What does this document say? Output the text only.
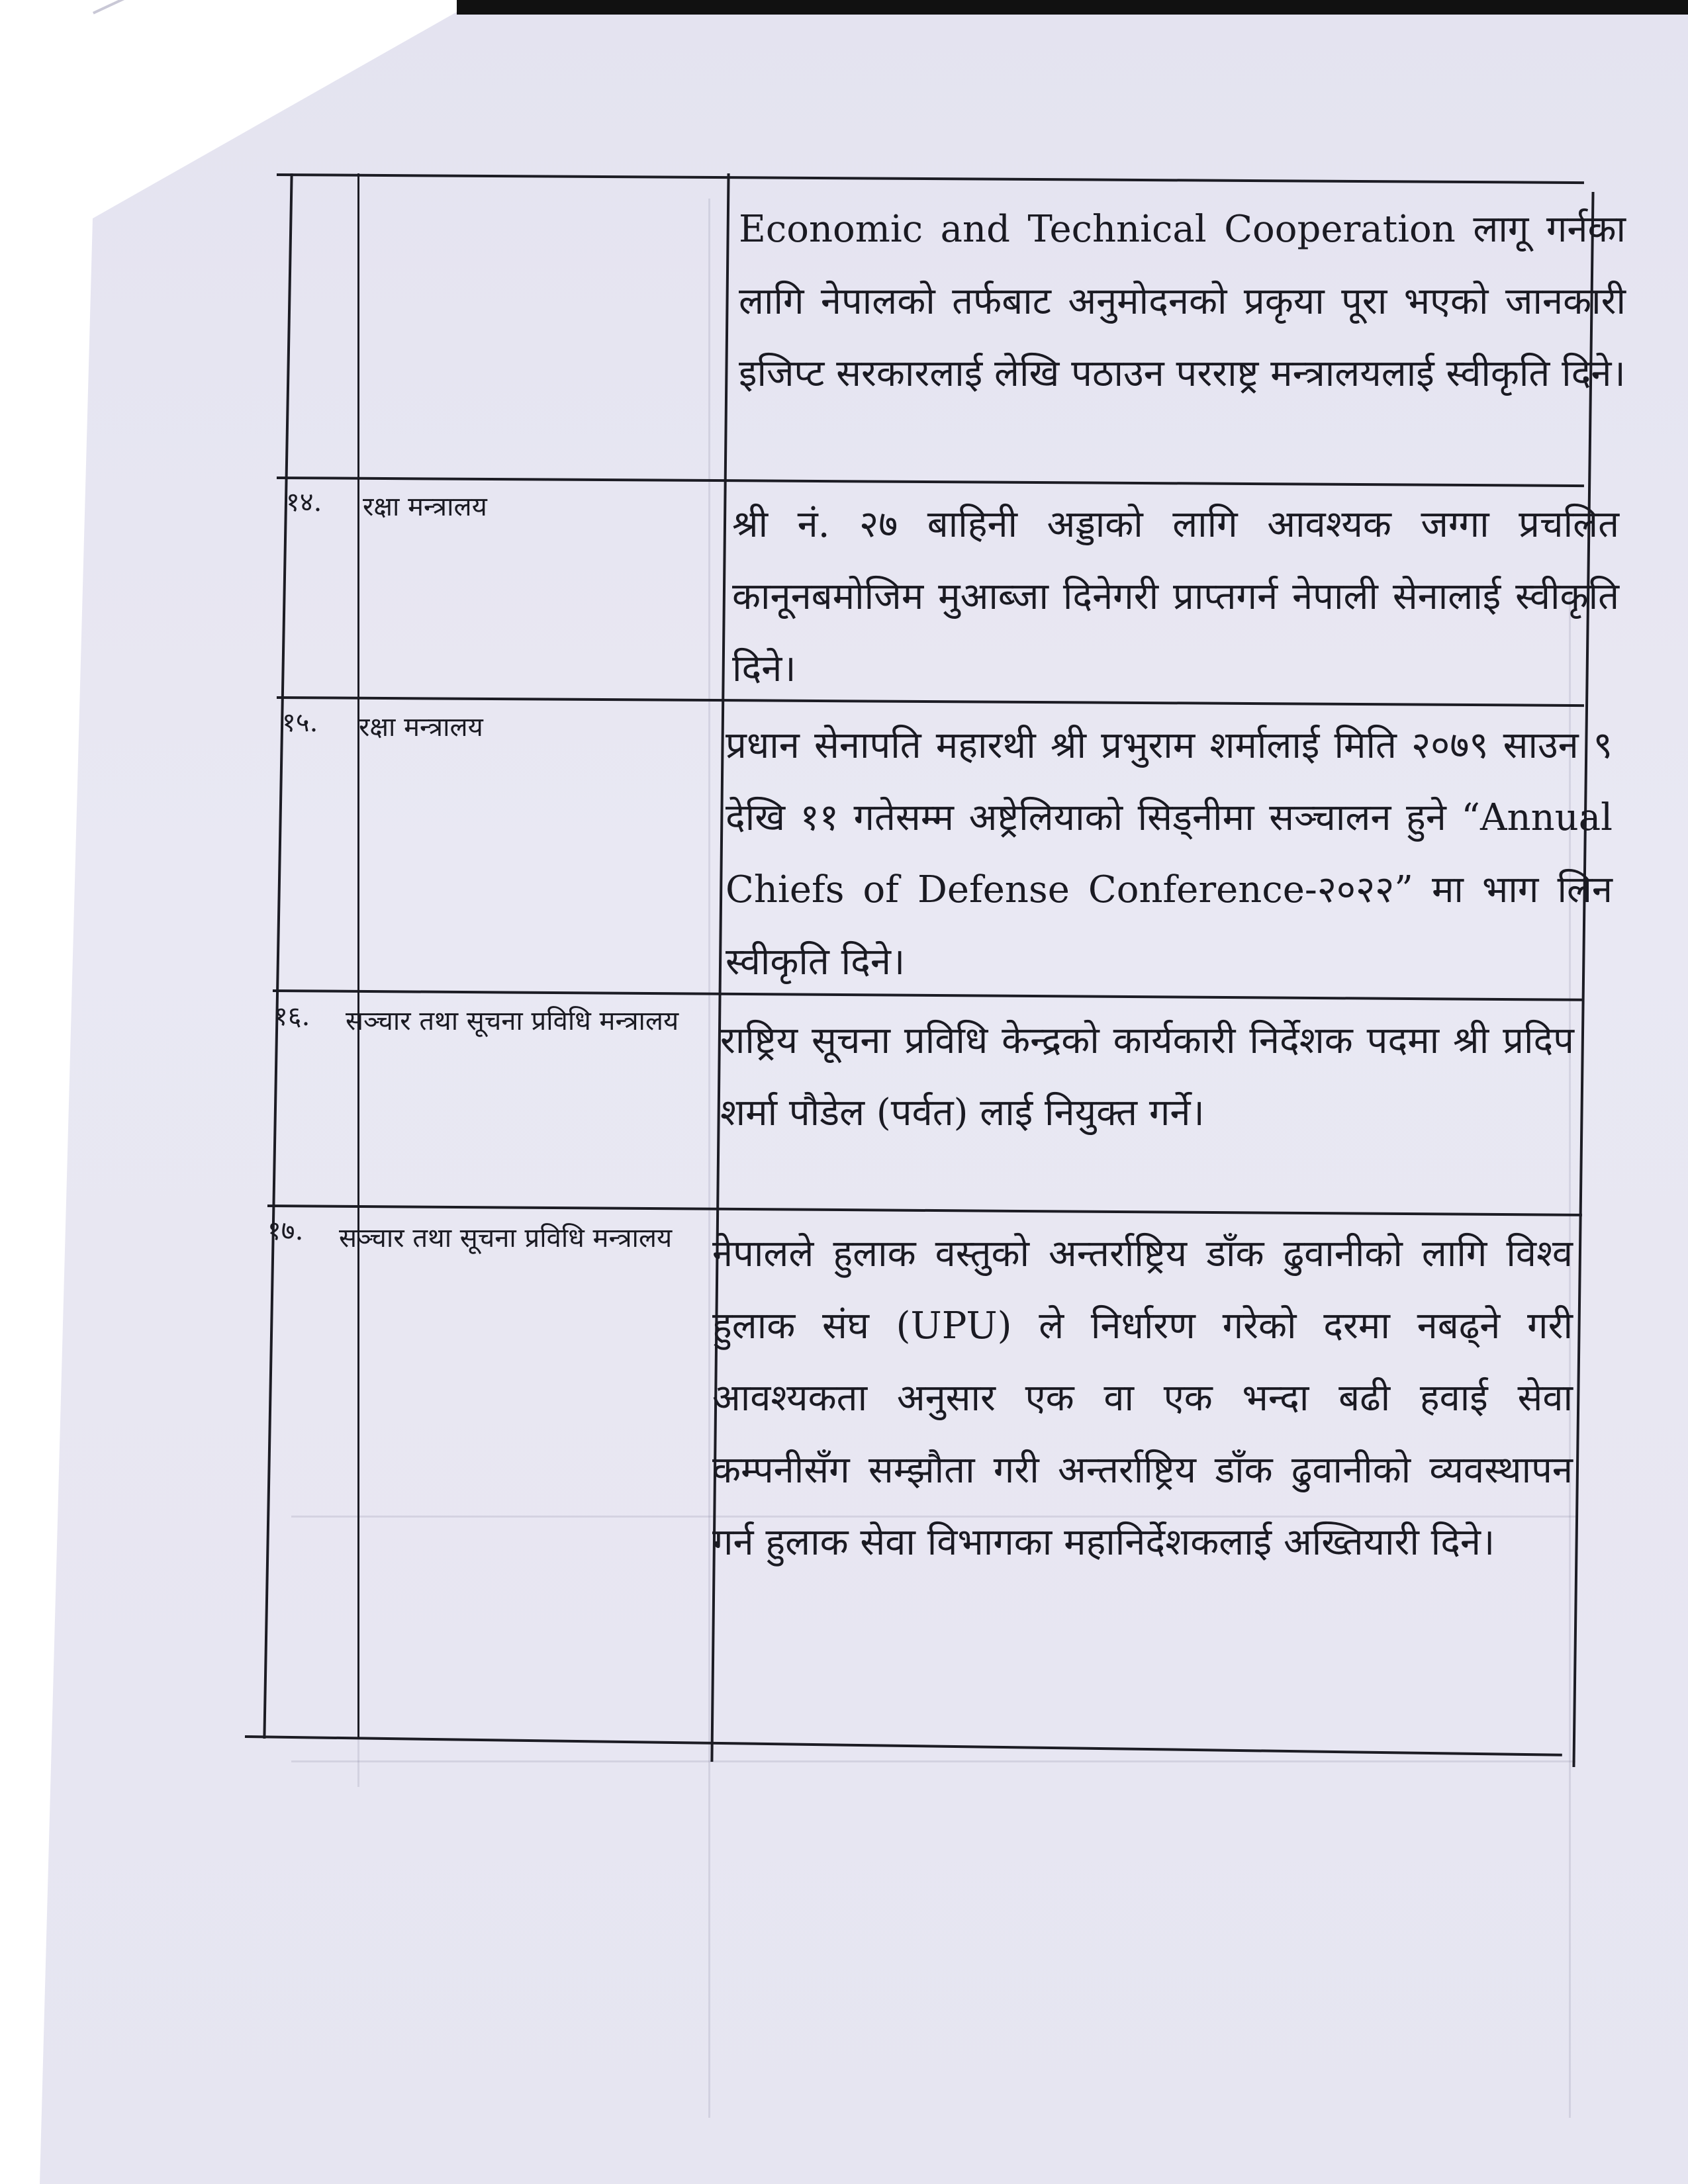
Economic and Technical Cooperation लागू गर्नका लागि नेपालको तर्फबाट अनुमोदनको प्रकृया पूरा भएको जानकारी इजिप्ट सरकारलाई लेखि पठाउन परराष्ट्र मन्त्रालयलाई स्वीकृति दिने।
१४. रक्षा मन्त्रालय	श्री नं. २७ बाहिनी अड्डाको लागि आवश्यक जग्गा प्रचलित कानूनबमोजिम मुआब्जा दिनेगरी प्राप्तगर्न नेपाली सेनालाई स्वीकृति दिने।
१५. रक्षा मन्त्रालय	प्रधान सेनापति महारथी श्री प्रभुराम शर्मालाई मिति २०७९ साउन ९ देखि ११ गतेसम्म अष्ट्रेलियाको सिड्नीमा सञ्चालन हुने “Annual Chiefs of Defense Conference-२०२२” मा भाग लिन स्वीकृति दिने।
१६. सञ्चार तथा सूचना प्रविधि मन्त्रालय राष्ट्रिय सूचना प्रविधि केन्द्रको कार्यकारी निर्देशक पदमा श्री प्रदिप शर्मा पौडेल (पर्वत) लाई नियुक्त गर्ने।
१७. सञ्चार तथा सूचना प्रविधि मन्त्रालय नेपालले हुलाक वस्तुको अन्तर्राष्ट्रिय डाँक ढुवानीको लागि विश्व हुलाक संघ (UPU) ले निर्धारण गरेको दरमा नबढ्ने गरी आवश्यकता अनुसार एक वा एक भन्दा बढी हवाई सेवा कम्पनीसँग सम्झौता गरी अन्तर्राष्ट्रिय डाँक ढुवानीको व्यवस्थापन गर्न हुलाक सेवा विभागका महानिर्देशकलाई अख्तियारी दिने।
